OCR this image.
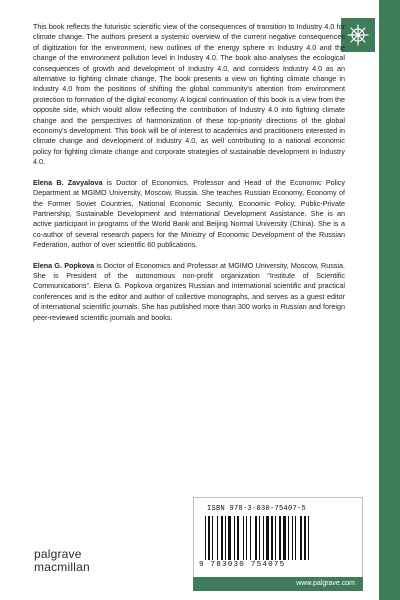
This book reflects the futuristic scientific view of the consequences of transition to Industry 4.0 for climate change. The authors present a systemic overview of the current negative consequences of digitization for the environment, new outlines of the energy sphere in Industry 4.0 and the change of the environment pollution level in Industry 4.0. The book also analyses the ecological consequences of growth and development of Industry 4.0, and considers Industry 4.0 as an alternative to fighting climate change. The book presents a view on fighting climate change in Industry 4.0 from the positions of shifting the global community's attention from environment protection to formation of the digital economy. A logical continuation of this book is a view from the opposite side, which would allow reflecting the contribution of Industry 4.0 into fighting climate change and the perspectives of harmonization of these top-priority directions of the global economy's development. This book will be of interest to academics and practitioners interested in climate change and development of Industry 4.0, as well contributing to a national economic policy for fighting climate change and corporate strategies of sustainable development in Industry 4.0.

Elena B. Zavyalova is Doctor of Economics, Professor and Head of the Economic Policy Department at MGIMO University, Moscow, Russia. She teaches Russian Economy, Economy of the Former Soviet Countries, National Economic Security, Economic Policy, Public-Private Partnership, Sustainable Development and International Development Assistance. She is an active participant in programs of the World Bank and Beijing Normal University (China). She is a co-author of several research papers for the Ministry of Economic Development of the Russian Federation, author of over scientific 60 publications.

Elena G. Popkova is Doctor of Economics and Professor at MGIMO University, Moscow, Russia. She is President of the autonomous non-profit organization “Institute of Scientific Communications”. Elena G. Popkova organizes Russian and international scientific and practical conferences and is the editor and author of collective monographs, and serves as a guest editor of international scientific journals. She has published more than 300 works in Russian and foreign peer-reviewed scientific journals and books.

ISBN 978-3-030-75407-5
9 783030 754075
www.palgrave.com
palgrave
macmillan
